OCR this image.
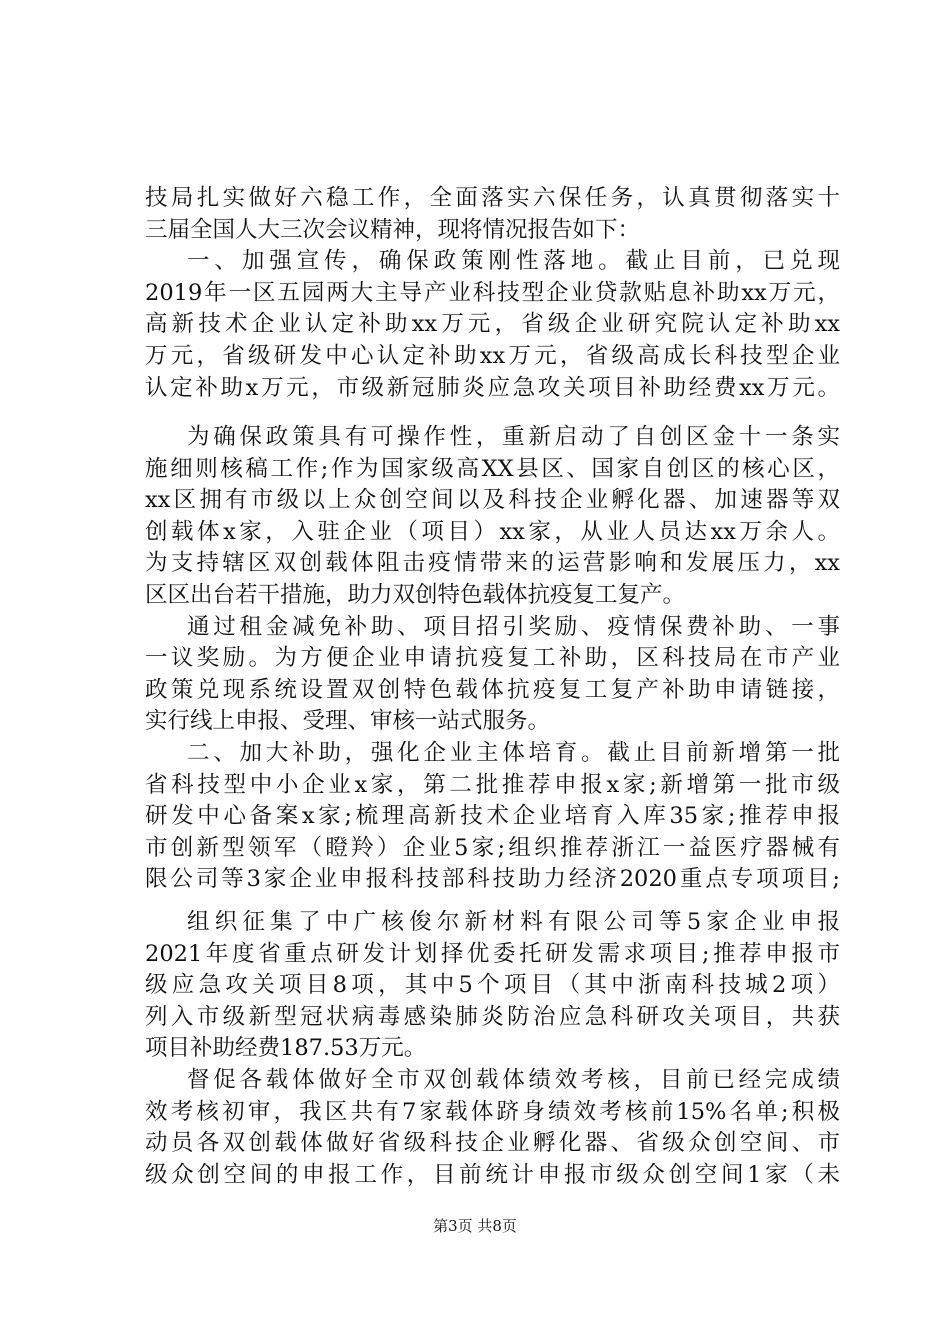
技局扎实做好六稳工作，全面落实六保任务，认真贯彻落实十
三届全国人大三次会议精神，现将情况报告如下：
一、加强宣传，确保政策刚性落地。截止目前，已兑现
2019年一区五园两大主导产业科技型企业贷款贴息补助xx万元，
高新技术企业认定补助xx万元，省级企业研究院认定补助xx
万元，省级研发中心认定补助xx万元，省级高成长科技型企业
认定补助x万元，市级新冠肺炎应急攻关项目补助经费xx万元。
为确保政策具有可操作性，重新启动了自创区金十一条实
施细则核稿工作;作为国家级高XX县区、国家自创区的核心区，
xx区拥有市级以上众创空间以及科技企业孵化器、加速器等双
创载体x家，入驻企业（项目）xx家，从业人员达xx万余人。
为支持辖区双创载体阻击疫情带来的运营影响和发展压力，xx
区区出台若干措施，助力双创特色载体抗疫复工复产。
通过租金减免补助、项目招引奖励、疫情保费补助、一事
一议奖励。为方便企业申请抗疫复工补助，区科技局在市产业
政策兑现系统设置双创特色载体抗疫复工复产补助申请链接，
实行线上申报、受理、审核一站式服务。
二、加大补助，强化企业主体培育。截止目前新增第一批
省科技型中小企业x家，第二批推荐申报x家;新增第一批市级
研发中心备案x家;梳理高新技术企业培育入库35家;推荐申报
市创新型领军（瞪羚）企业5家;组织推荐浙江一益医疗器械有
限公司等3家企业申报科技部科技助力经济2020重点专项项目;
组织征集了中广核俊尔新材料有限公司等5家企业申报
2021年度省重点研发计划择优委托研发需求项目;推荐申报市
级应急攻关项目8项，其中5个项目（其中浙南科技城2项）
列入市级新型冠状病毒感染肺炎防治应急科研攻关项目，共获
项目补助经费187.53万元。
督促各载体做好全市双创载体绩效考核，目前已经完成绩
效考核初审，我区共有7家载体跻身绩效考核前15%名单;积极
动员各双创载体做好省级科技企业孵化器、省级众创空间、市
级众创空间的申报工作，目前统计申报市级众创空间1家（未
第3页 共8页
